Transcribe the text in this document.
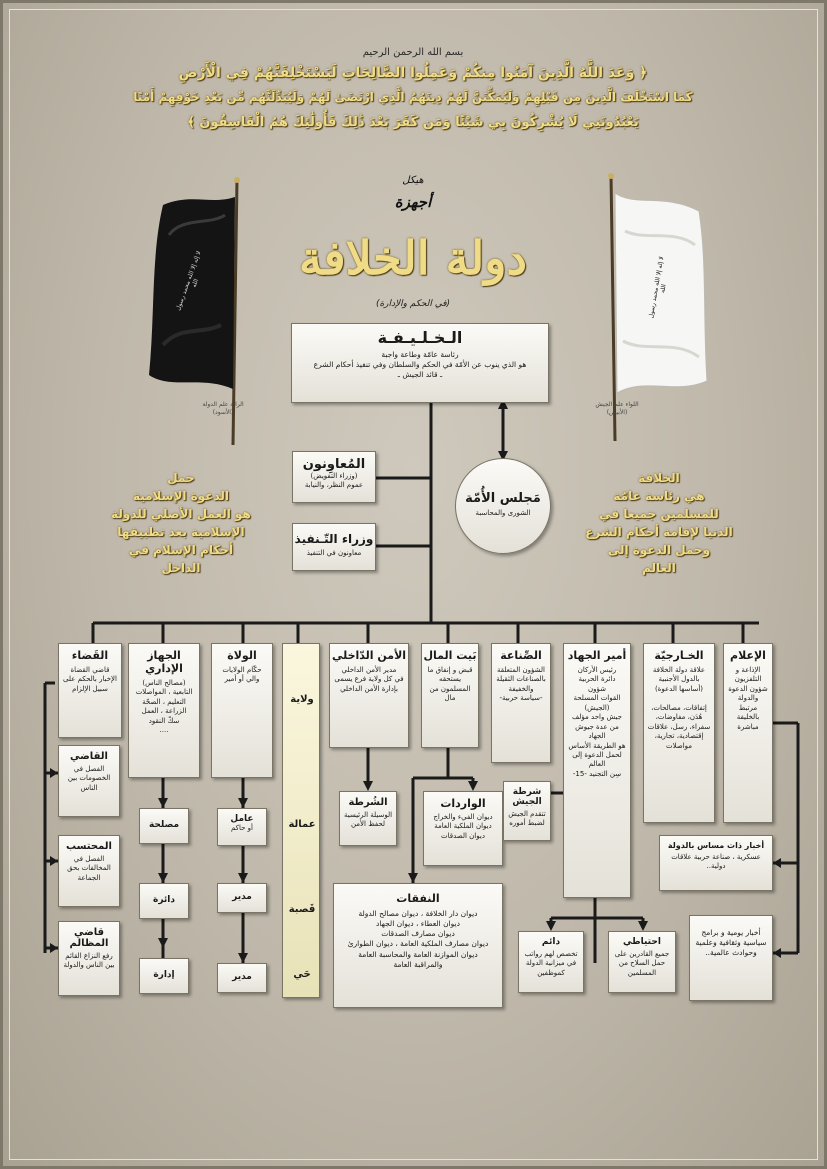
بسم الله الرحمن الرحيم
﴿ وَعَدَ اللَّهُ الَّذِينَ آمَنُوا مِنكُمْ وَعَمِلُوا الصَّالِحَاتِ لَيَسْتَخْلِفَنَّهُمْ فِي الْأَرْضِ
كَمَا اسْتَخْلَفَ الَّذِينَ مِن قَبْلِهِمْ وَلَيُمَكِّنَنَّ لَهُمْ دِينَهُمُ الَّذِي ارْتَضَىٰ لَهُمْ وَلَيُبَدِّلَنَّهُم مِّن بَعْدِ خَوْفِهِمْ أَمْنًا
يَعْبُدُونَنِي لَا يُشْرِكُونَ بِي شَيْئًا وَمَن كَفَرَ بَعْدَ ذَٰلِكَ فَأُولَٰئِكَ هُمُ الْفَاسِقُونَ ﴾
هيكل
أجهزة
دولة الخلافة
(في الحكم والإدارة)
لا إله إلا الله محمد رسول الله
الراية علم الدولة (الأسود)
لا إله إلا الله محمد رسول الله
اللواء علم الجيش (الأبيض)
الـخـلـيـفـة
رئاسة عامّة وطاعة واجبة
هو الذي ينوب عن الأمّة في الحكم والسلطان وفي تنفيذ أحكام الشرع
ـ قائد الجيش ـ
المُعاوِنون
(وزراء التفويض)
عموم النظر، والنيابة
وزراء التّـنفيذ
معاونون في التنفيذ
مَجلس الأُمّة
الشورى والمحاسبة
حمل
الدعوة الإسلامية
هو العمل الأصلي للدولة
الإسلامية بعد تطبيقها
أحكام الإسلام في
الداخل
الخلافة
هي رئاسة عامّة
للمسلمين جميعا في
الدنيا لإقامة أحكام الشرع
وحمل الدعوة إلى
العالم
الإعلام
الإذاعة و التلفزيون
شؤون الدعوة والدولة
مرتبط بالخليفة مباشرة
الخـارجيّة
علاقة دولة الخلافة بالدول الأجنبية
(أساسها الدعوة)

إتفاقات، مصالحات، هُدَن، مفاوضات، سفراء، رسل، علاقات إقتصادية، تجارية، مواصلات
أمير الجهاد
رئيس الأركان
دائرة الحربية
شؤون
القوات المسلحة
(الجيش)
جيش واحد مؤلف من عدة جيوش
الجهاد
هو الطريقة الأساس لحمل الدعوة إلى العالم
سِن التجنيد -15-
الصِّناعة
الشؤون المتعلقة بالصناعات الثقيلة والخفيفة
-سياسة حربية-
بَيت المال
قبض و إنفاق ما يستحقه المسلمون من مال
الأمن الدّاخلي
مدير الأمن الداخلي
في كل ولاية فرع يسمى بإدارة الأمن الداخلي
الولاة
حكّام الولايات
والي أو أمير
الجهاز الإداري
(مصالح الناس)
التابعية ، المواصلات
التعليم ، الصحّة
الزراعة ، العمل
سكّ النقود
....
القَضاء
قاضي القضاة
الإخبار بالحكم على سبيل الإلزام
ولاية
عمالة
قَصبة
حَي
عامل
أو حاكم
مدير
مدير
مصلحة
دائرة
إدارة
القاضي
الفصل في الخصومات بين الناس
المحتسب
الفصل في المخالفات بحق الجماعة
قاضي المظالم
رفع النزاع القائم بين الناس والدولة
الشُرطة
الوسيلة الرئيسية لحفظ الأمن
الواردات
ديوان الفيء والخراج
ديوان الملكية العامة
ديوان الصدقات
النفقات
ديوان دار الخلافة ، ديوان مصالح الدولة
ديوان العطاء ، ديوان الجهاد
ديوان مصارف الصدقات
ديوان مصارف الملكية العامة ، ديوان الطوارئ
ديوان الموازنة العامة والمحاسبة العامة
والمراقبة العامة
شرطة الجيش
تتقدم الجيش لضبط أموره
دائم
تخصص لهم رواتب في ميزانية الدولة كموظفين
احتياطي
جميع القادرين على حمل السلاح من المسلمين
أخبار ذات مساس بالدولة
عسكرية ، صناعة حربية علاقات دولية..
أخبار يومية و برامج سياسية وثقافية وعلمية وحوادث عالمية..
